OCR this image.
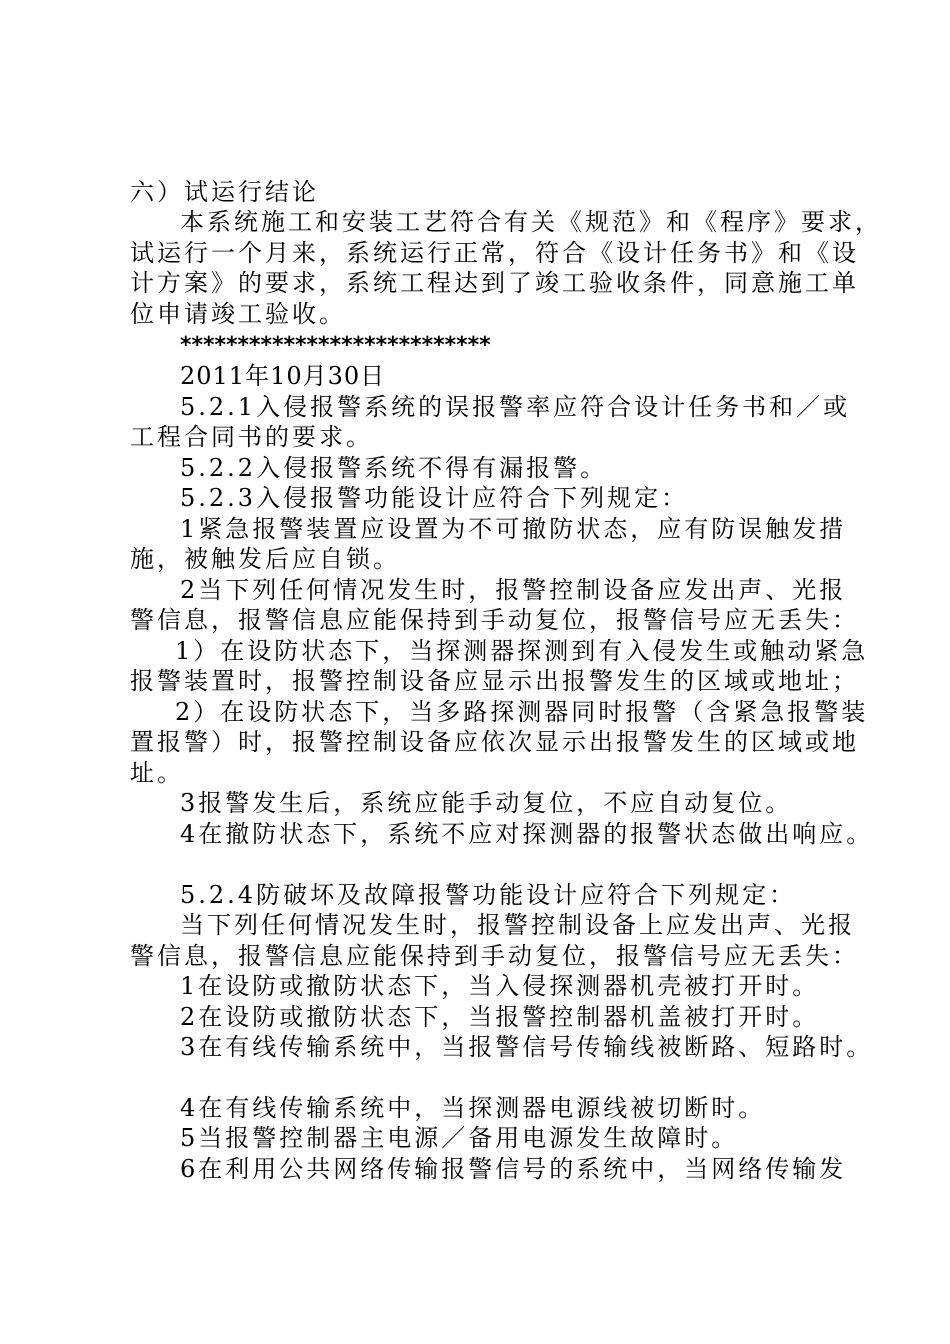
六）试运行结论
本系统施工和安装工艺符合有关《规范》和《程序》要求，
试运行一个月来，系统运行正常，符合《设计任务书》和《设
计方案》的要求，系统工程达到了竣工验收条件，同意施工单
位申请竣工验收。
***************************
2011年10月30日
5.2.1入侵报警系统的误报警率应符合设计任务书和／或
工程合同书的要求。
5.2.2入侵报警系统不得有漏报警。
5.2.3入侵报警功能设计应符合下列规定：
1紧急报警装置应设置为不可撤防状态，应有防误触发措
施，被触发后应自锁。
2当下列任何情况发生时，报警控制设备应发出声、光报
警信息，报警信息应能保持到手动复位，报警信号应无丢失：
1）在设防状态下，当探测器探测到有入侵发生或触动紧急
报警装置时，报警控制设备应显示出报警发生的区域或地址；
2）在设防状态下，当多路探测器同时报警（含紧急报警装
置报警）时，报警控制设备应依次显示出报警发生的区域或地
址。
3报警发生后，系统应能手动复位，不应自动复位。
4在撤防状态下，系统不应对探测器的报警状态做出响应。
5.2.4防破坏及故障报警功能设计应符合下列规定：
当下列任何情况发生时，报警控制设备上应发出声、光报
警信息，报警信息应能保持到手动复位，报警信号应无丢失：
1在设防或撤防状态下，当入侵探测器机壳被打开时。
2在设防或撤防状态下，当报警控制器机盖被打开时。
3在有线传输系统中，当报警信号传输线被断路、短路时。
4在有线传输系统中，当探测器电源线被切断时。
5当报警控制器主电源／备用电源发生故障时。
6在利用公共网络传输报警信号的系统中，当网络传输发
